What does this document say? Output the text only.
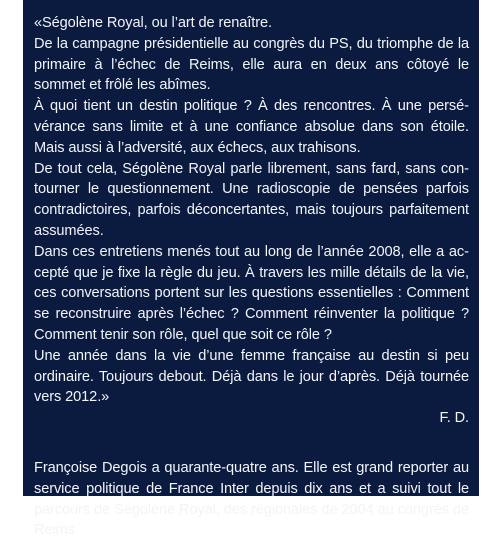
«Ségolène Royal, ou l’art de renaître.

De la campagne présidentielle au congrès du PS, du triomphe de la primaire à l’échec de Reims, elle aura en deux ans côtoyé le sommet et frôlé les abîmes.

À quoi tient un destin politique ? À des rencontres. À une persévérance sans limite et à une confiance absolue dans son étoile. Mais aussi à l’adversité, aux échecs, aux trahisons.

De tout cela, Ségolène Royal parle librement, sans fard, sans contourner le questionnement. Une radioscopie de pensées parfois contradictoires, parfois déconcertantes, mais toujours parfaitement assumées.

Dans ces entretiens menés tout au long de l’année 2008, elle a accepté que je fixe la règle du jeu. À travers les mille détails de la vie, ces conversations portent sur les questions essentielles : Comment se reconstruire après l’échec ? Comment réinventer la politique ? Comment tenir son rôle, quel que soit ce rôle ?

Une année dans la vie d’une femme française au destin si peu ordinaire. Toujours debout. Déjà dans le jour d’après. Déjà tournée vers 2012.»

F. D.

Françoise Degois a quarante-quatre ans. Elle est grand reporter au service politique de France Inter depuis dix ans et a suivi tout le parcours de Ségolène Royal, des régionales de 2004 au congrès de Reims.
